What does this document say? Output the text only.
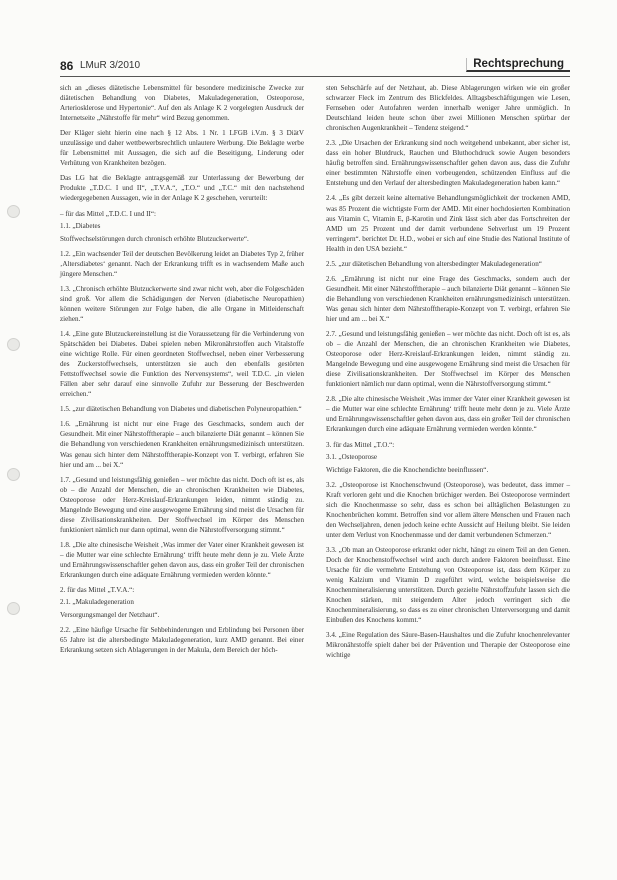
86 LMuR 3/2010	Rechtsprechung

sich an „dieses diätetische Lebensmittel für besondere medizinische Zwecke zur diätetischen Behandlung von Diabetes, Makuladegeneration, Osteoporose, Arteriosklerose und Hypertonie“. Auf den als Anlage K 2 vorgelegten Ausdruck der Internetseite „Nährstoffe für mehr“ wird Bezug genommen.

Der Kläger sieht hierin eine nach § 12 Abs. 1 Nr. 1 LFGB i.V.m. § 3 DiätV unzulässige und daher wettbewerbsrechtlich unlautere Werbung. Die Beklagte werbe für Lebensmittel mit Aussagen, die sich auf die Beseitigung, Linderung oder Verhütung von Krankheiten bezögen.

Das LG hat die Beklagte antragsgemäß zur Unterlassung der Bewerbung der Produkte „T.D.C. I und II“, „T.V.A.“, „T.O.“ und „T.C.“ mit den nachstehend wiedergegebenen Aussagen, wie in der Anlage K 2 geschehen, verurteilt:

– für das Mittel „T.D.C. I und II“:

1.1. „Diabetes

Stoffwechselstörungen durch chronisch erhöhte Blutzuckerwerte“.

1.2. „Ein wachsender Teil der deutschen Bevölkerung leidet an Diabetes Typ 2, früher ‚Altersdiabetes‘ genannt. Nach der Erkrankung trifft es in wachsendem Maße auch jüngere Menschen.“

1.3. „Chronisch erhöhte Blutzuckerwerte sind zwar nicht weh, aber die Folgeschäden sind groß. Vor allem die Schädigungen der Nerven (diabetische Neuropathien) können weitere Störungen zur Folge haben, die alle Organe in Mitleidenschaft ziehen.“

1.4. „Eine gute Blutzuckereinstellung ist die Voraussetzung für die Verhinderung von Spätschäden bei Diabetes. Dabei spielen neben Mikronährstoffen auch Vitalstoffe eine wichtige Rolle. Für einen geordneten Stoffwechsel, neben einer Verbesserung des Zuckerstoffwechsels, unterstützen sie auch den ebenfalls gestörten Fettstoffwechsel sowie die Funktion des Nervensystems“, weil T.D.C. „in vielen Fällen aber sehr darauf eine sinnvolle Zufuhr zur Besserung der Beschwerden erreichen.“

1.5. „zur diätetischen Behandlung von Diabetes und diabetischen Polyneuropathien.“

1.6. „Ernährung ist nicht nur eine Frage des Geschmacks, sondern auch der Gesundheit. Mit einer Nährstofftherapie – auch bilanzierte Diät genannt – können Sie die Behandlung von verschiedenen Krankheiten ernährungsmedizinisch unterstützen. Was genau sich hinter dem Nährstofftherapie-Konzept von T. verbirgt, erfahren Sie hier und am ... bei X.“

1.7. „Gesund und leistungsfähig genießen – wer möchte das nicht. Doch oft ist es, als ob – die Anzahl der Menschen, die an chronischen Krankheiten wie Diabetes, Osteoporose oder Herz-Kreislauf-Erkrankungen leiden, nimmt ständig zu. Mangelnde Bewegung und eine ausgewogene Ernährung sind meist die Ursachen für diese Zivilisationskrankheiten. Der Stoffwechsel im Körper des Menschen funktioniert nämlich nur dann optimal, wenn die Nährstoffversorgung stimmt.“

1.8. „Die alte chinesische Weisheit ‚Was immer der Vater einer Krankheit gewesen ist – die Mutter war eine schlechte Ernährung‘ trifft heute mehr denn je zu. Viele Ärzte und Ernährungswissenschaftler gehen davon aus, dass ein großer Teil der chronischen Erkrankungen durch eine adäquate Ernährung vermieden werden könnte.“

2. für das Mittel „T.V.A.“:

2.1. „Makuladegeneration

Versorgungsmangel der Netzhaut“.

2.2. „Eine häufige Ursache für Sehbehinderungen und Erblindung bei Personen über 65 Jahre ist die altersbedingte Makuladegeneration, kurz AMD genannt. Bei einer Erkrankung setzen sich Ablagerungen in der Makula, dem Bereich der höch-

sten Sehschärfe auf der Netzhaut, ab. Diese Ablagerungen wirken wie ein großer schwarzer Fleck im Zentrum des Blickfeldes. Alltagsbeschäftigungen wie Lesen, Fernsehen oder Autofahren werden innerhalb weniger Jahre unmöglich. In Deutschland leiden heute schon über zwei Millionen Menschen spürbar der chronischen Augenkrankheit – Tendenz steigend.“

2.3. „Die Ursachen der Erkrankung sind noch weitgehend unbekannt, aber sicher ist, dass ein hoher Blutdruck, Rauchen und Bluthochdruck sowie Augen besonders häufig betroffen sind. Ernährungswissenschaftler gehen davon aus, dass die Zufuhr einer bestimmten Nährstoffe einen vorbeugenden, schützenden Einfluss auf die Entstehung und den Verlauf der altersbedingten Makuladegeneration haben kann.“

2.4. „Es gibt derzeit keine alternative Behandlungsmöglichkeit der trockenen AMD, was 85 Prozent die wichtigste Form der AMD. Mit einer hochdosierten Kombination aus Vitamin C, Vitamin E, β-Karotin und Zink lässt sich aber das Fortschreiten der AMD um 25 Prozent und der damit verbundene Sehverlust um 19 Prozent verringern“. berichtet Dr. H.D., wobei er sich auf eine Studie des National Institute of Health in den USA bezieht.“

2.5. „zur diätetischen Behandlung von altersbedingter Makuladegeneration“

2.6. „Ernährung ist nicht nur eine Frage des Geschmacks, sondern auch der Gesundheit. Mit einer Nährstofftherapie – auch bilanzierte Diät genannt – können Sie die Behandlung von verschiedenen Krankheiten ernährungsmedizinisch unterstützen. Was genau sich hinter dem Nährstofftherapie-Konzept von T. verbirgt, erfahren Sie hier und am ... bei X.“

2.7. „Gesund und leistungsfähig genießen – wer möchte das nicht. Doch oft ist es, als ob – die Anzahl der Menschen, die an chronischen Krankheiten wie Diabetes, Osteoporose oder Herz-Kreislauf-Erkrankungen leiden, nimmt ständig zu. Mangelnde Bewegung und eine ausgewogene Ernährung sind meist die Ursachen für diese Zivilisationskrankheiten. Der Stoffwechsel im Körper des Menschen funktioniert nämlich nur dann optimal, wenn die Nährstoffversorgung stimmt.“

2.8. „Die alte chinesische Weisheit ‚Was immer der Vater einer Krankheit gewesen ist – die Mutter war eine schlechte Ernährung‘ trifft heute mehr denn je zu. Viele Ärzte und Ernährungswissenschaftler gehen davon aus, dass ein großer Teil der chronischen Erkrankungen durch eine adäquate Ernährung vermieden werden könnte.“

3. für das Mittel „T.O.“:

3.1. „Osteoporose

Wichtige Faktoren, die die Knochendichte beeinflussen“.

3.2. „Osteoporose ist Knochenschwund (Osteoporose), was bedeutet, dass immer – Kraft verloren geht und die Knochen brüchiger werden. Bei Osteoporose vermindert sich die Knochenmasse so sehr, dass es schon bei alltäglichen Belastungen zu Knochenbrüchen kommt. Betroffen sind vor allem ältere Menschen und Frauen nach den Wechseljahren, denen jedoch keine echte Aussicht auf Heilung bleibt. Sie leiden unter dem Verlust von Knochenmasse und der damit verbundenen Schmerzen.“

3.3. „Ob man an Osteoporose erkrankt oder nicht, hängt zu einem Teil an den Genen. Doch der Knochenstoffwechsel wird auch durch andere Faktoren beeinflusst. Eine Ursache für die vermehrte Entstehung von Osteoporose ist, dass dem Körper zu wenig Kalzium und Vitamin D zugeführt wird, welche beispielsweise die Knochenmineralisierung unterstützen. Durch gezielte Nährstoffzufuhr lassen sich die Knochen stärken, mit steigendem Alter jedoch verringert sich die Knochenmineralisierung, so dass es zu einer chronischen Unterversorgung und damit Einbußen des Knochens kommt.“

3.4. „Eine Regulation des Säure-Basen-Haushaltes und die Zufuhr knochenrelevanter Mikronährstoffe spielt daher bei der Prävention und Therapie der Osteoporose eine wichtige
